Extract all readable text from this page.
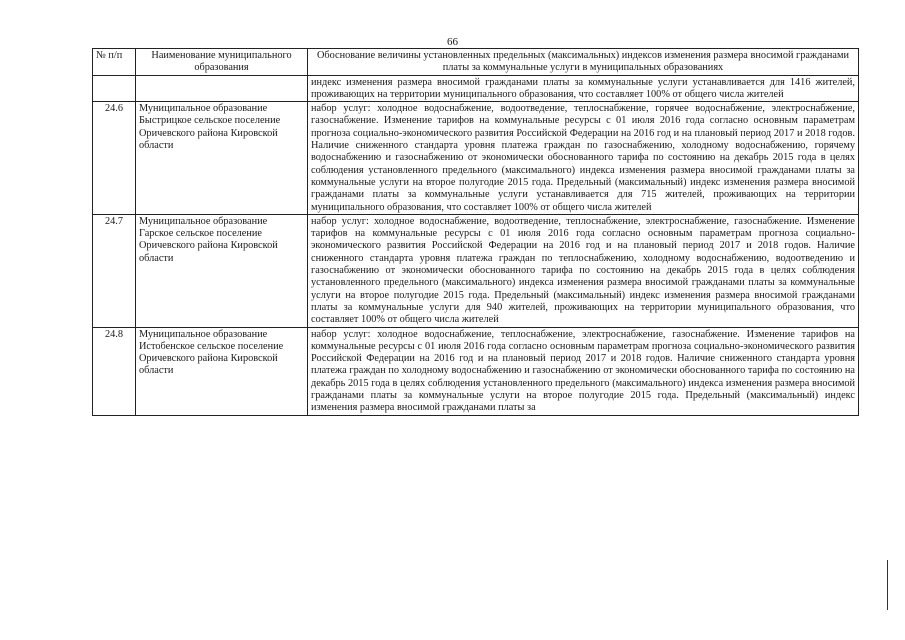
66
№ п/п	Наименование муниципального образования	Обоснование величины установленных предельных (максимальных) индексов изменения размера вносимой гражданами платы за коммунальные услуги в муниципальных образованиях
		индекс изменения размера вносимой гражданами платы за коммунальные услуги устанавливается для 1416 жителей, проживающих на территории муниципального образования, что составляет 100% от общего числа жителей
24.6	Муниципальное образование Быстрицкое сельское поселение Оричевского района Кировской области	набор услуг: холодное водоснабжение, водоотведение, теплоснабжение, горячее водоснабжение, электроснабжение, газоснабжение. Изменение тарифов на коммунальные ресурсы с 01 июля 2016 года согласно основным параметрам прогноза социально-экономического развития Российской Федерации на 2016 год и на плановый период 2017 и 2018 годов. Наличие сниженного стандарта уровня платежа граждан по газоснабжению, холодному водоснабжению, горячему водоснабжению и газоснабжению от экономически обоснованного тарифа по состоянию на декабрь 2015 года в целях соблюдения установленного предельного (максимального) индекса изменения размера вносимой гражданами платы за коммунальные услуги на второе полугодие 2015 года. Предельный (максимальный) индекс изменения размера вносимой гражданами платы за коммунальные услуги устанавливается для 715 жителей, проживающих на территории муниципального образования, что составляет 100% от общего числа жителей
24.7	Муниципальное образование Гарское сельское поселение Оричевского района Кировской области	набор услуг: холодное водоснабжение, водоотведение, теплоснабжение, электроснабжение, газоснабжение. Изменение тарифов на коммунальные ресурсы с 01 июля 2016 года согласно основным параметрам прогноза социально-экономического развития Российской Федерации на 2016 год и на плановый период 2017 и 2018 годов. Наличие сниженного стандарта уровня платежа граждан по теплоснабжению, холодному водоснабжению, водоотведению и газоснабжению от экономически обоснованного тарифа по состоянию на декабрь 2015 года в целях соблюдения установленного предельного (максимального) индекса изменения размера вносимой гражданами платы за коммунальные услуги на второе полугодие 2015 года. Предельный (максимальный) индекс изменения размера вносимой гражданами платы за коммунальные услуги для 940 жителей, проживающих на территории муниципального образования, что составляет 100% от общего числа жителей
24.8	Муниципальное образование Истобенское сельское поселение Оричевского района Кировской области	набор услуг: холодное водоснабжение, теплоснабжение, электроснабжение, газоснабжение. Изменение тарифов на коммунальные ресурсы с 01 июля 2016 года согласно основным параметрам прогноза социально-экономического развития Российской Федерации на 2016 год и на плановый период 2017 и 2018 годов. Наличие сниженного стандарта уровня платежа граждан по холодному водоснабжению и газоснабжению от экономически обоснованного тарифа по состоянию на декабрь 2015 года в целях соблюдения установленного предельного (максимального) индекса изменения размера вносимой гражданами платы за коммунальные услуги на второе полугодие 2015 года. Предельный (максимальный) индекс изменения размера вносимой гражданами платы за
